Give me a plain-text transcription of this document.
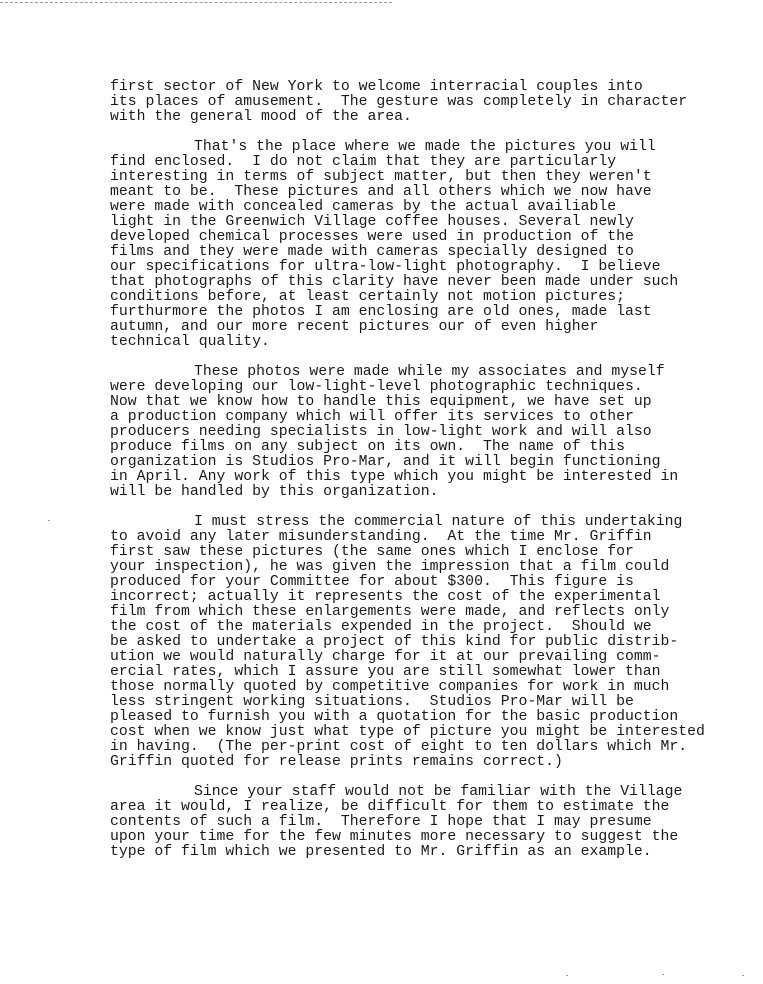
first sector of New York to welcome interracial couples into
its places of amusement.  The gesture was completely in character
with the general mood of the area.
That's the place where we made the pictures you will
find enclosed.  I do not claim that they are particularly
interesting in terms of subject matter, but then they weren't
meant to be.  These pictures and all others which we now have
were made with concealed cameras by the actual availiable
light in the Greenwich Village coffee houses. Several newly
developed chemical processes were used in production of the
films and they were made with cameras specially designed to
our specifications for ultra-low-light photography.  I believe
that photographs of this clarity have never been made under such
conditions before, at least certainly not motion pictures;
furthurmore the photos I am enclosing are old ones, made last
autumn, and our more recent pictures our of even higher
technical quality.
These photos were made while my associates and myself
were developing our low-light-level photographic techniques.
Now that we know how to handle this equipment, we have set up
a production company which will offer its services to other
producers needing specialists in low-light work and will also
produce films on any subject on its own.  The name of this
organization is Studios Pro-Mar, and it will begin functioning
in April. Any work of this type which you might be interested in
will be handled by this organization.
I must stress the commercial nature of this undertaking
to avoid any later misunderstanding.  At the time Mr. Griffin
first saw these pictures (the same ones which I enclose for
your inspection), he was given the impression that a film could
produced for your Committee for about $300.  This figure is
incorrect; actually it represents the cost of the experimental
film from which these enlargements were made, and reflects only
the cost of the materials expended in the project.  Should we
be asked to undertake a project of this kind for public distrib-
ution we would naturally charge for it at our prevailing comm-
ercial rates, which I assure you are still somewhat lower than
those normally quoted by competitive companies for work in much
less stringent working situations.  Studios Pro-Mar will be
pleased to furnish you with a quotation for the basic production
cost when we know just what type of picture you might be interested
in having.  (The per-print cost of eight to ten dollars which Mr.
Griffin quoted for release prints remains correct.)
Since your staff would not be familiar with the Village
area it would, I realize, be difficult for them to estimate the
contents of such a film.  Therefore I hope that I may presume
upon your time for the few minutes more necessary to suggest the
type of film which we presented to Mr. Griffin as an example.
